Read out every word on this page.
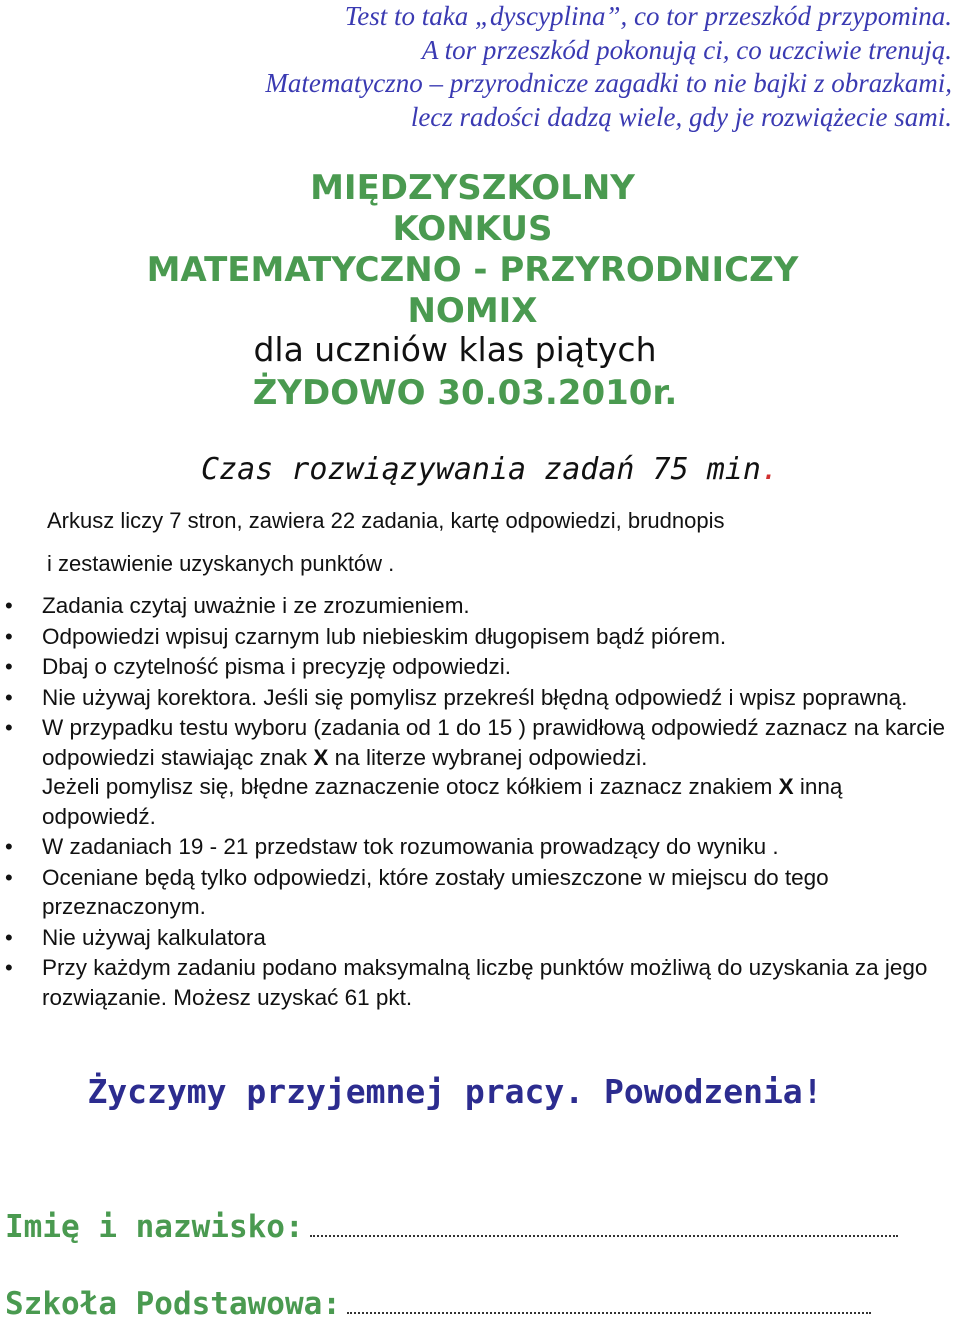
Test to taka „dyscyplina”, co tor przeszkód przypomina.
A tor przeszkód pokonują ci, co uczciwie trenują.
Matematyczno – przyrodnicze zagadki to nie bajki z obrazkami,
lecz radości dadzą wiele, gdy je rozwiążecie sami.
MIĘDZYSZKOLNY
KONKUS
MATEMATYCZNO - PRZYRODNICZY
NOMIX
dla uczniów klas piątych
ŻYDOWO 30.03.2010r.
Czas rozwiązywania zadań 75 min.
Arkusz liczy 7 stron, zawiera 22 zadania, kartę odpowiedzi, brudnopis
i zestawienie uzyskanych punktów .
• Zadania czytaj uważnie i ze zrozumieniem.
• Odpowiedzi wpisuj czarnym lub niebieskim długopisem bądź piórem.
• Dbaj o czytelność pisma i precyzję odpowiedzi.
• Nie używaj korektora. Jeśli się pomylisz przekreśl błędną odpowiedź i wpisz poprawną.
• W przypadku testu wyboru (zadania od 1 do 15 ) prawidłową odpowiedź zaznacz na karcie odpowiedzi stawiając znak X na literze wybranej odpowiedzi.
Jeżeli pomylisz się, błędne zaznaczenie otocz kółkiem i zaznacz znakiem X inną odpowiedź.
• W zadaniach 19 - 21 przedstaw tok rozumowania prowadzący do wyniku .
• Oceniane będą tylko odpowiedzi, które zostały umieszczone w miejscu do tego przeznaczonym.
• Nie używaj kalkulatora
• Przy każdym zadaniu podano maksymalną liczbę punktów możliwą do uzyskania za jego rozwiązanie. Możesz uzyskać 61 pkt.
Życzymy przyjemnej pracy. Powodzenia!
Imię i nazwisko:
Szkoła Podstawowa:
